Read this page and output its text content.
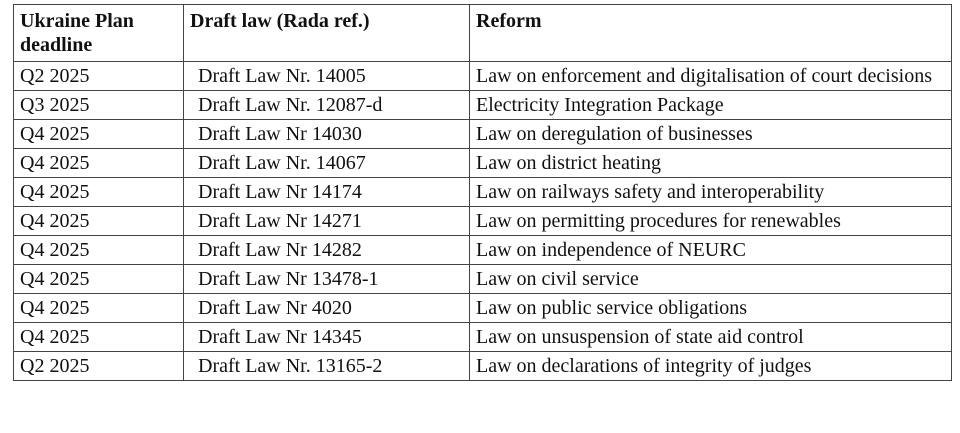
Ukraine Plan deadline	Draft law (Rada ref.)	Reform
Q2 2025	Draft Law Nr. 14005	Law on enforcement and digitalisation of court decisions
Q3 2025	Draft Law Nr. 12087-d	Electricity Integration Package
Q4 2025	Draft Law Nr 14030	Law on deregulation of businesses
Q4 2025	Draft Law Nr. 14067	Law on district heating
Q4 2025	Draft Law Nr 14174	Law on railways safety and interoperability
Q4 2025	Draft Law Nr 14271	Law on permitting procedures for renewables
Q4 2025	Draft Law Nr 14282	Law on independence of NEURC
Q4 2025	Draft Law Nr 13478-1	Law on civil service
Q4 2025	Draft Law Nr 4020	Law on public service obligations
Q4 2025	Draft Law Nr 14345	Law on unsuspension of state aid control
Q2 2025	Draft Law Nr. 13165-2	Law on declarations of integrity of judges
